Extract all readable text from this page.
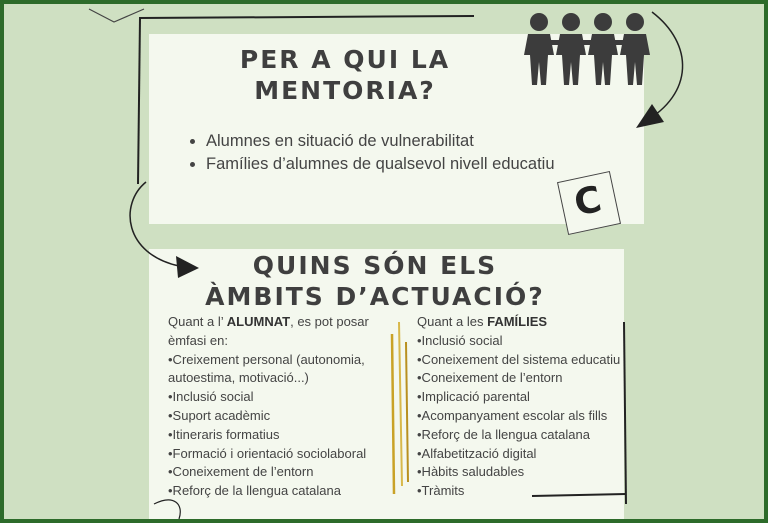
C
PER A QUI LA
MENTORIA?
• Alumnes en situació de vulnerabilitat
• Famílies d’alumnes de qualsevol nivell educatiu
QUINS SÓN ELS
ÀMBITS D’ACTUACIÓ?
Quant a l’ ALUMNAT, es pot posar
èmfasi en:
•Creixement personal (autonomia,
autoestima, motivació...)
•Inclusió social
•Suport acadèmic
•Itineraris formatius
•Formació i orientació sociolaboral
•Coneixement de l’entorn
•Reforç de la llengua catalana
Quant a les FAMÍLIES
•Inclusió social
•Coneixement del sistema educatiu
•Coneixement de l’entorn
•Implicació parental
•Acompanyament escolar als fills
•Reforç de la llengua catalana
•Alfabetització digital
•Hàbits saludables
•Tràmits
